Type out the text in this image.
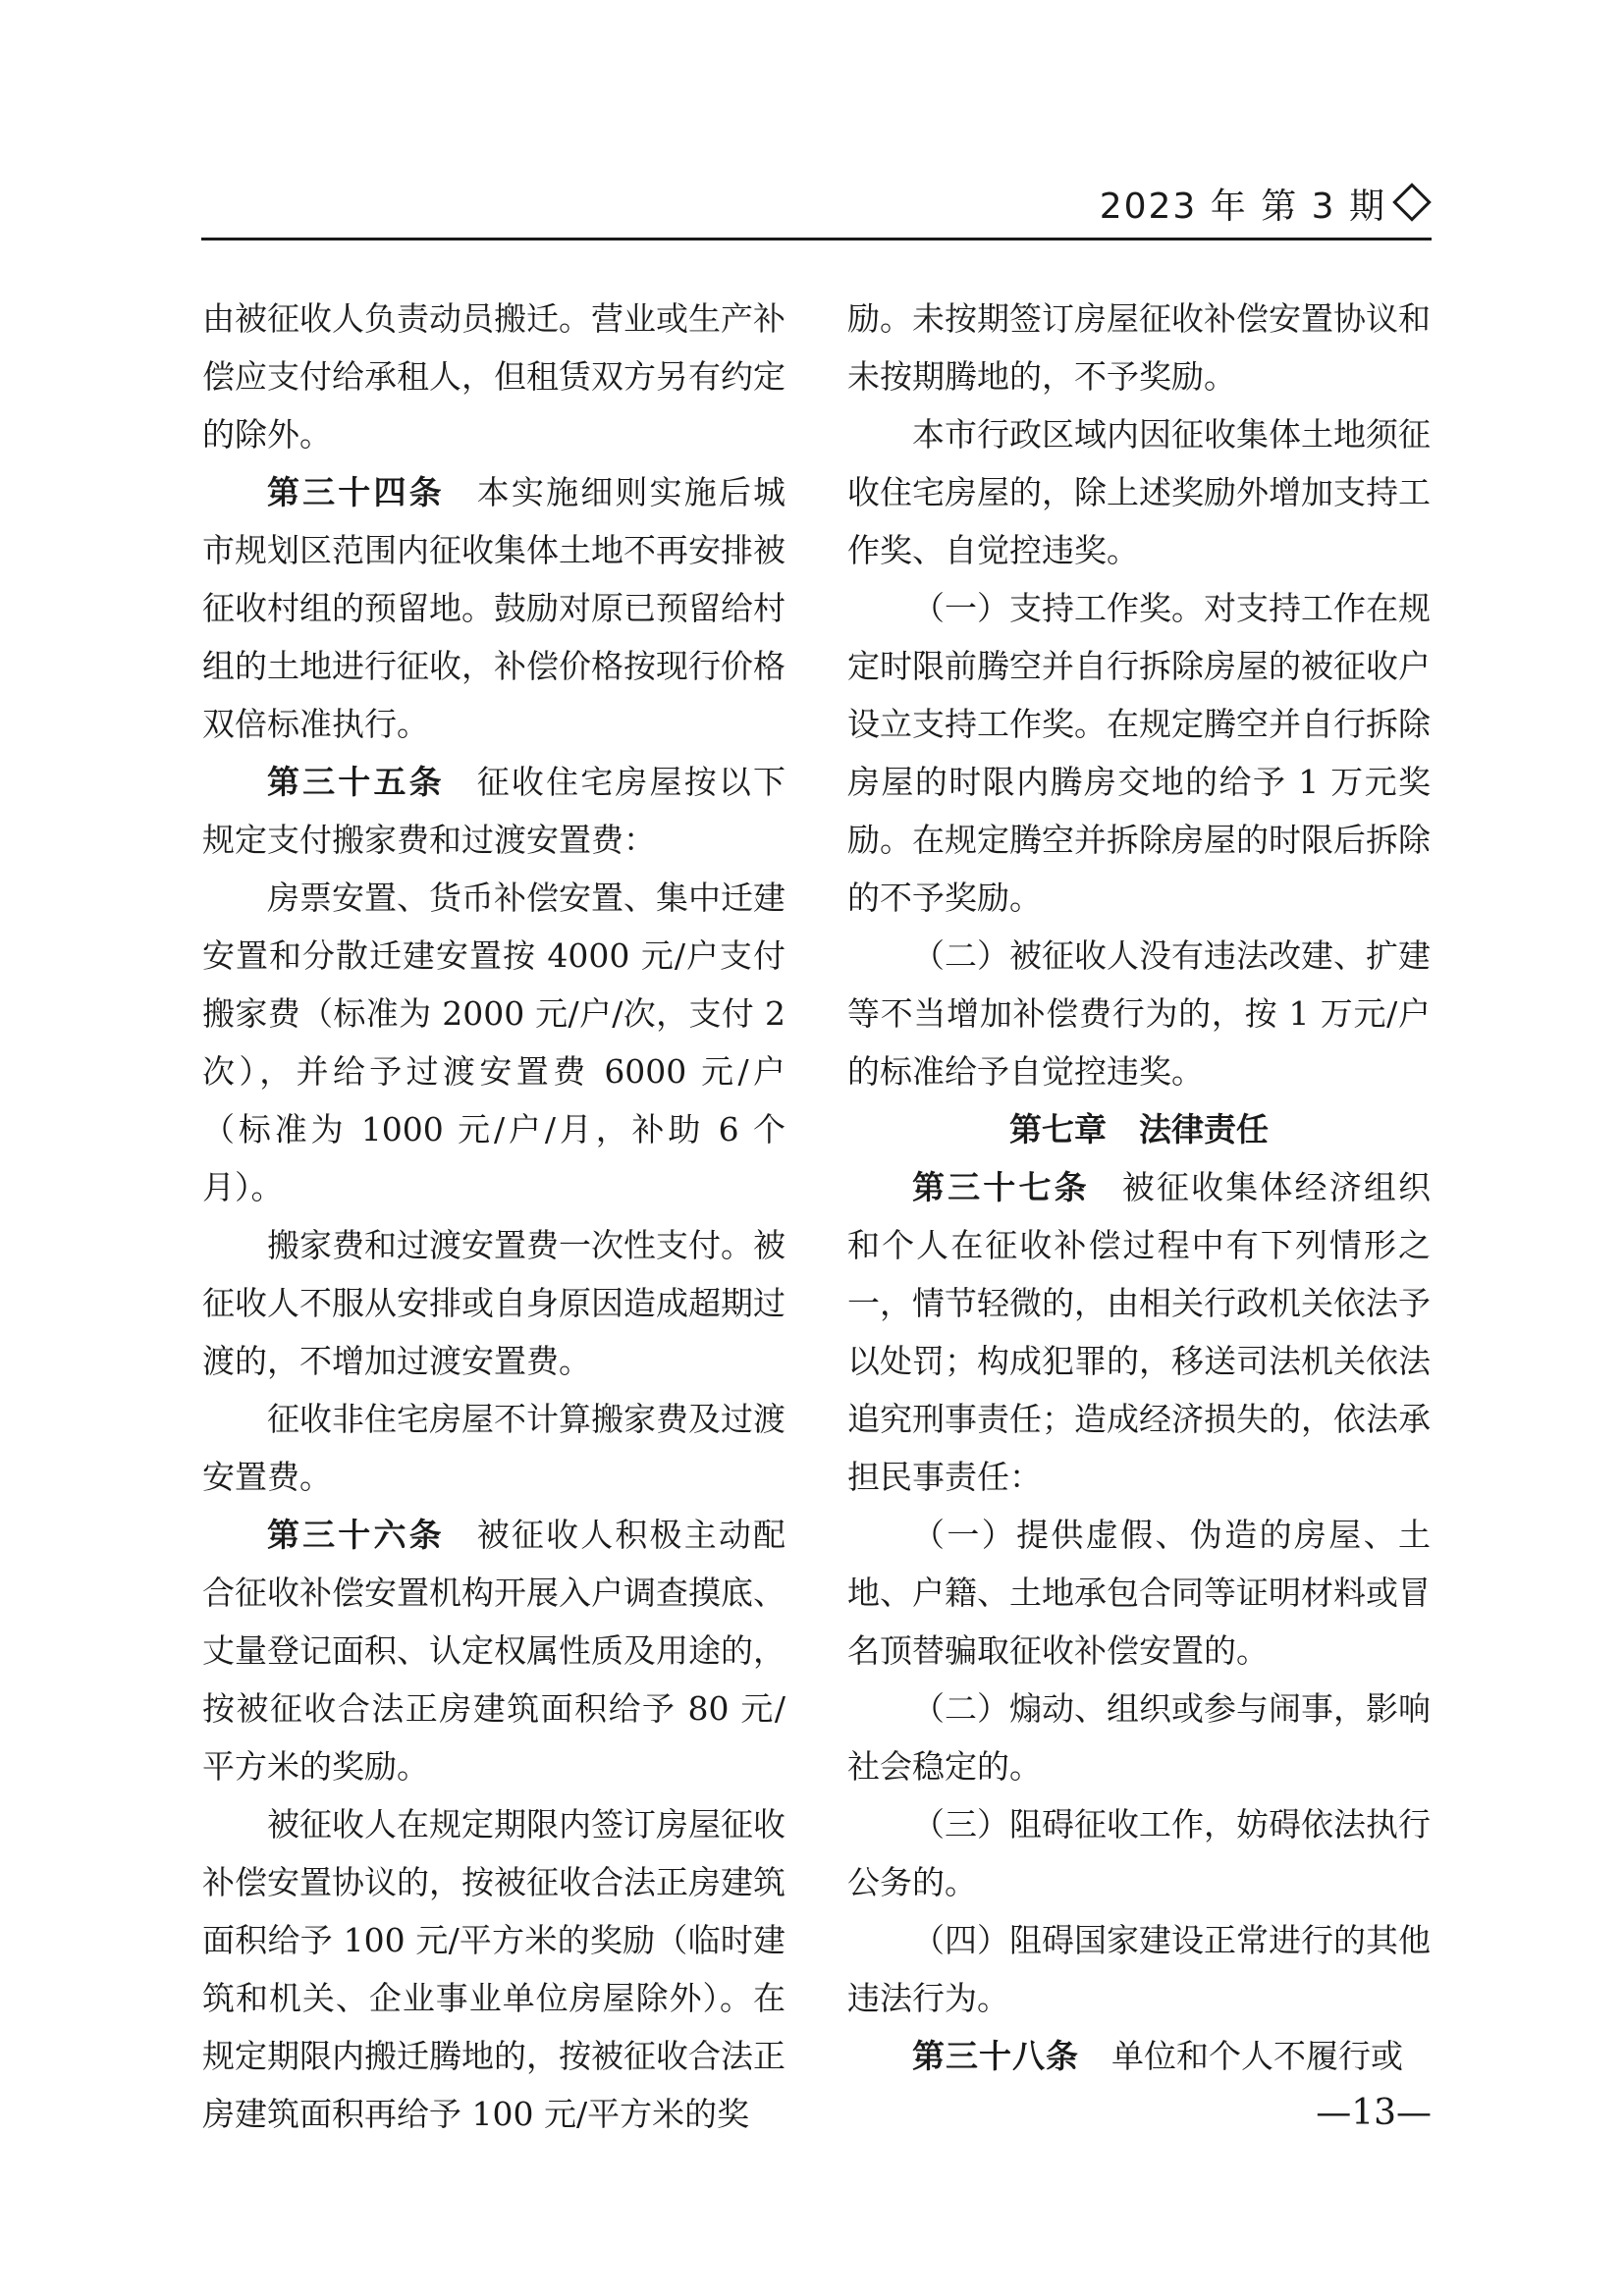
2023 年 第 3 期

由被征收人负责动员搬迁。营业或生产补偿应支付给承租人，但租赁双方另有约定的除外。

第三十四条 本实施细则实施后城市规划区范围内征收集体土地不再安排被征收村组的预留地。鼓励对原已预留给村组的土地进行征收，补偿价格按现行价格双倍标准执行。

第三十五条 征收住宅房屋按以下规定支付搬家费和过渡安置费：

房票安置、货币补偿安置、集中迁建安置和分散迁建安置按 4000 元/户支付搬家费（标准为 2000 元/户/次，支付 2 次），并给予过渡安置费 6000 元/户（标准为 1000 元/户/月，补助 6 个月）。

搬家费和过渡安置费一次性支付。被征收人不服从安排或自身原因造成超期过渡的，不增加过渡安置费。

征收非住宅房屋不计算搬家费及过渡安置费。

第三十六条 被征收人积极主动配合征收补偿安置机构开展入户调查摸底、丈量登记面积、认定权属性质及用途的，按被征收合法正房建筑面积给予 80 元/平方米的奖励。

被征收人在规定期限内签订房屋征收补偿安置协议的，按被征收合法正房建筑面积给予 100 元/平方米的奖励（临时建筑和机关、企业事业单位房屋除外）。在规定期限内搬迁腾地的，按被征收合法正房建筑面积再给予 100 元/平方米的奖

励。未按期签订房屋征收补偿安置协议和未按期腾地的，不予奖励。

本市行政区域内因征收集体土地须征收住宅房屋的，除上述奖励外增加支持工作奖、自觉控违奖。

（一）支持工作奖。对支持工作在规定时限前腾空并自行拆除房屋的被征收户设立支持工作奖。在规定腾空并自行拆除房屋的时限内腾房交地的给予 1 万元奖励。在规定腾空并拆除房屋的时限后拆除的不予奖励。

（二）被征收人没有违法改建、扩建等不当增加补偿费行为的，按 1 万元/户的标准给予自觉控违奖。

第七章 法律责任

第三十七条 被征收集体经济组织和个人在征收补偿过程中有下列情形之一，情节轻微的，由相关行政机关依法予以处罚；构成犯罪的，移送司法机关依法追究刑事责任；造成经济损失的，依法承担民事责任：

（一）提供虚假、伪造的房屋、土地、户籍、土地承包合同等证明材料或冒名顶替骗取征收补偿安置的。

（二）煽动、组织或参与闹事，影响社会稳定的。

（三）阻碍征收工作，妨碍依法执行公务的。

（四）阻碍国家建设正常进行的其他违法行为。

第三十八条 单位和个人不履行或

—13—
